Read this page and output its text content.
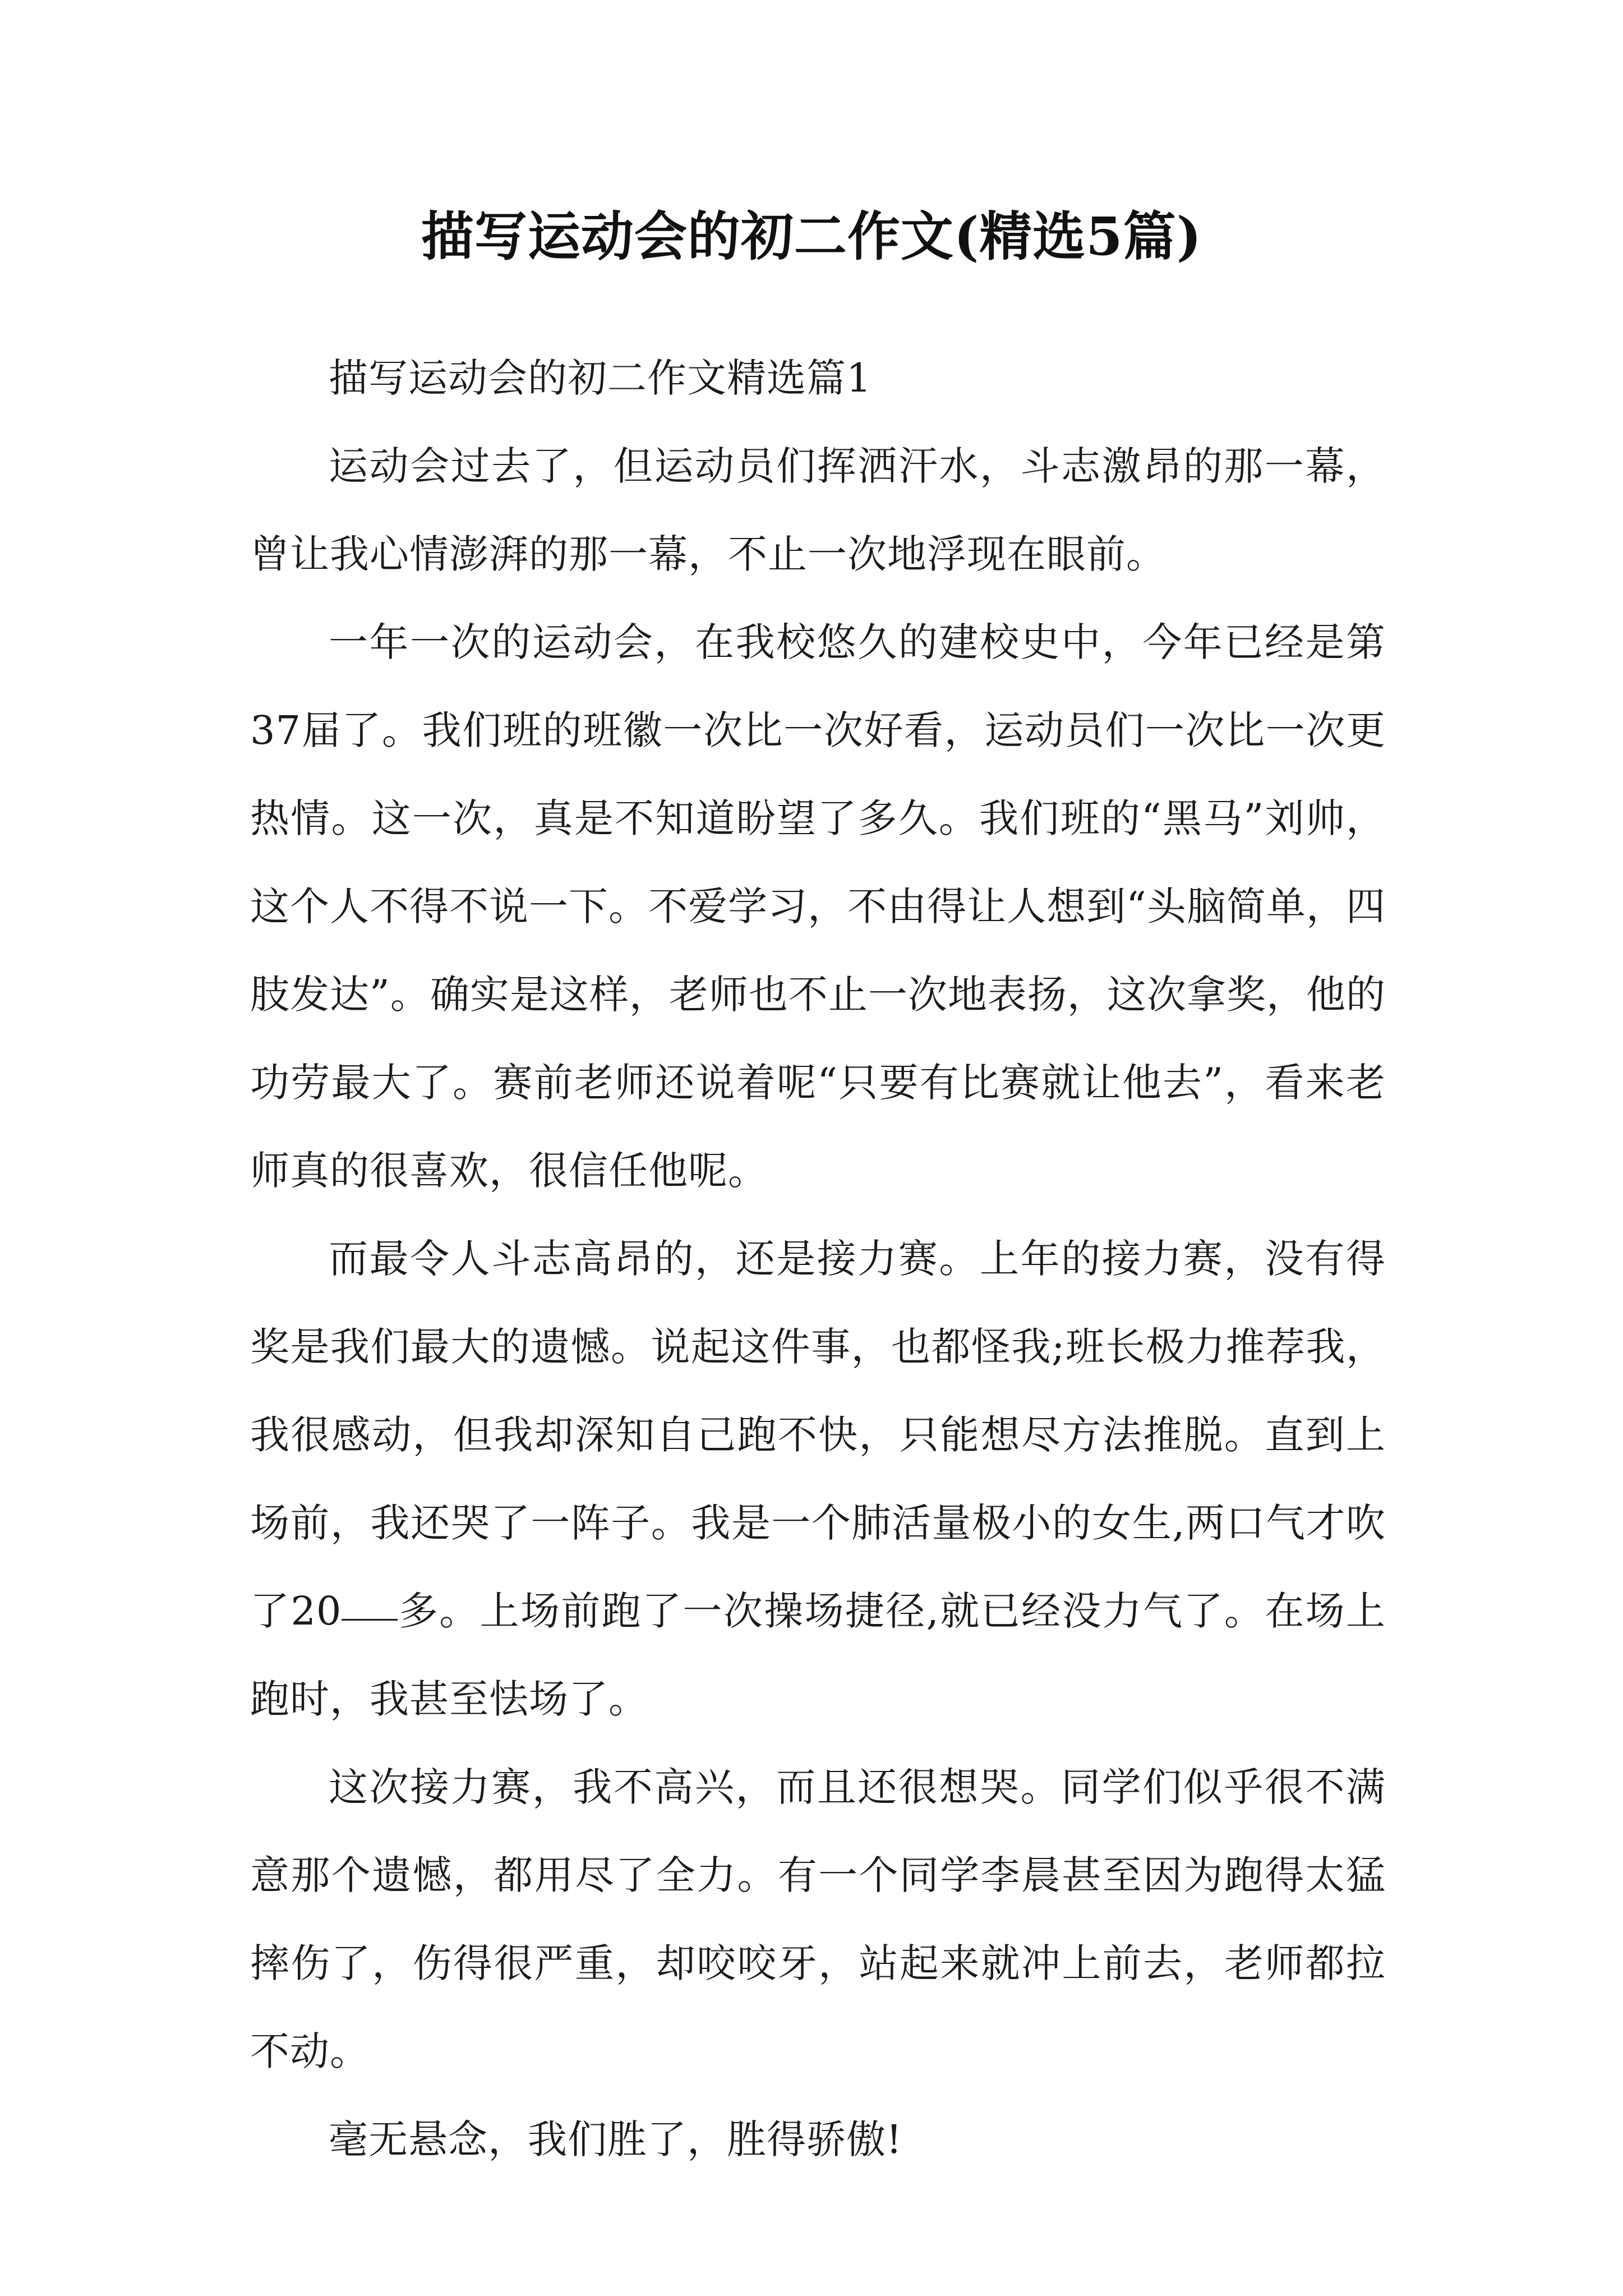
描写运动会的初二作文(精选5篇)

描写运动会的初二作文精选篇1

运动会过去了，但运动员们挥洒汗水，斗志激昂的那一幕，曾让我心情澎湃的那一幕，不止一次地浮现在眼前。

一年一次的运动会，在我校悠久的建校史中，今年已经是第37届了。我们班的班徽一次比一次好看，运动员们一次比一次更热情。这一次，真是不知道盼望了多久。我们班的“黑马”刘帅，这个人不得不说一下。不爱学习，不由得让人想到“头脑简单，四肢发达”。确实是这样，老师也不止一次地表扬，这次拿奖，他的功劳最大了。赛前老师还说着呢“只要有比赛就让他去”，看来老师真的很喜欢，很信任他呢。

而最令人斗志高昂的，还是接力赛。上年的接力赛，没有得奖是我们最大的遗憾。说起这件事，也都怪我;班长极力推荐我，我很感动，但我却深知自己跑不快，只能想尽方法推脱。直到上场前，我还哭了一阵子。我是一个肺活量极小的女生,两口气才吹了20 多。上场前跑了一次操场捷径,就已经没力气了。在场上跑时，我甚至怯场了。

这次接力赛，我不高兴，而且还很想哭。同学们似乎很不满意那个遗憾，都用尽了全力。有一个同学李晨甚至因为跑得太猛摔伤了，伤得很严重，却咬咬牙，站起来就冲上前去，老师都拉不动。

毫无悬念，我们胜了，胜得骄傲!
